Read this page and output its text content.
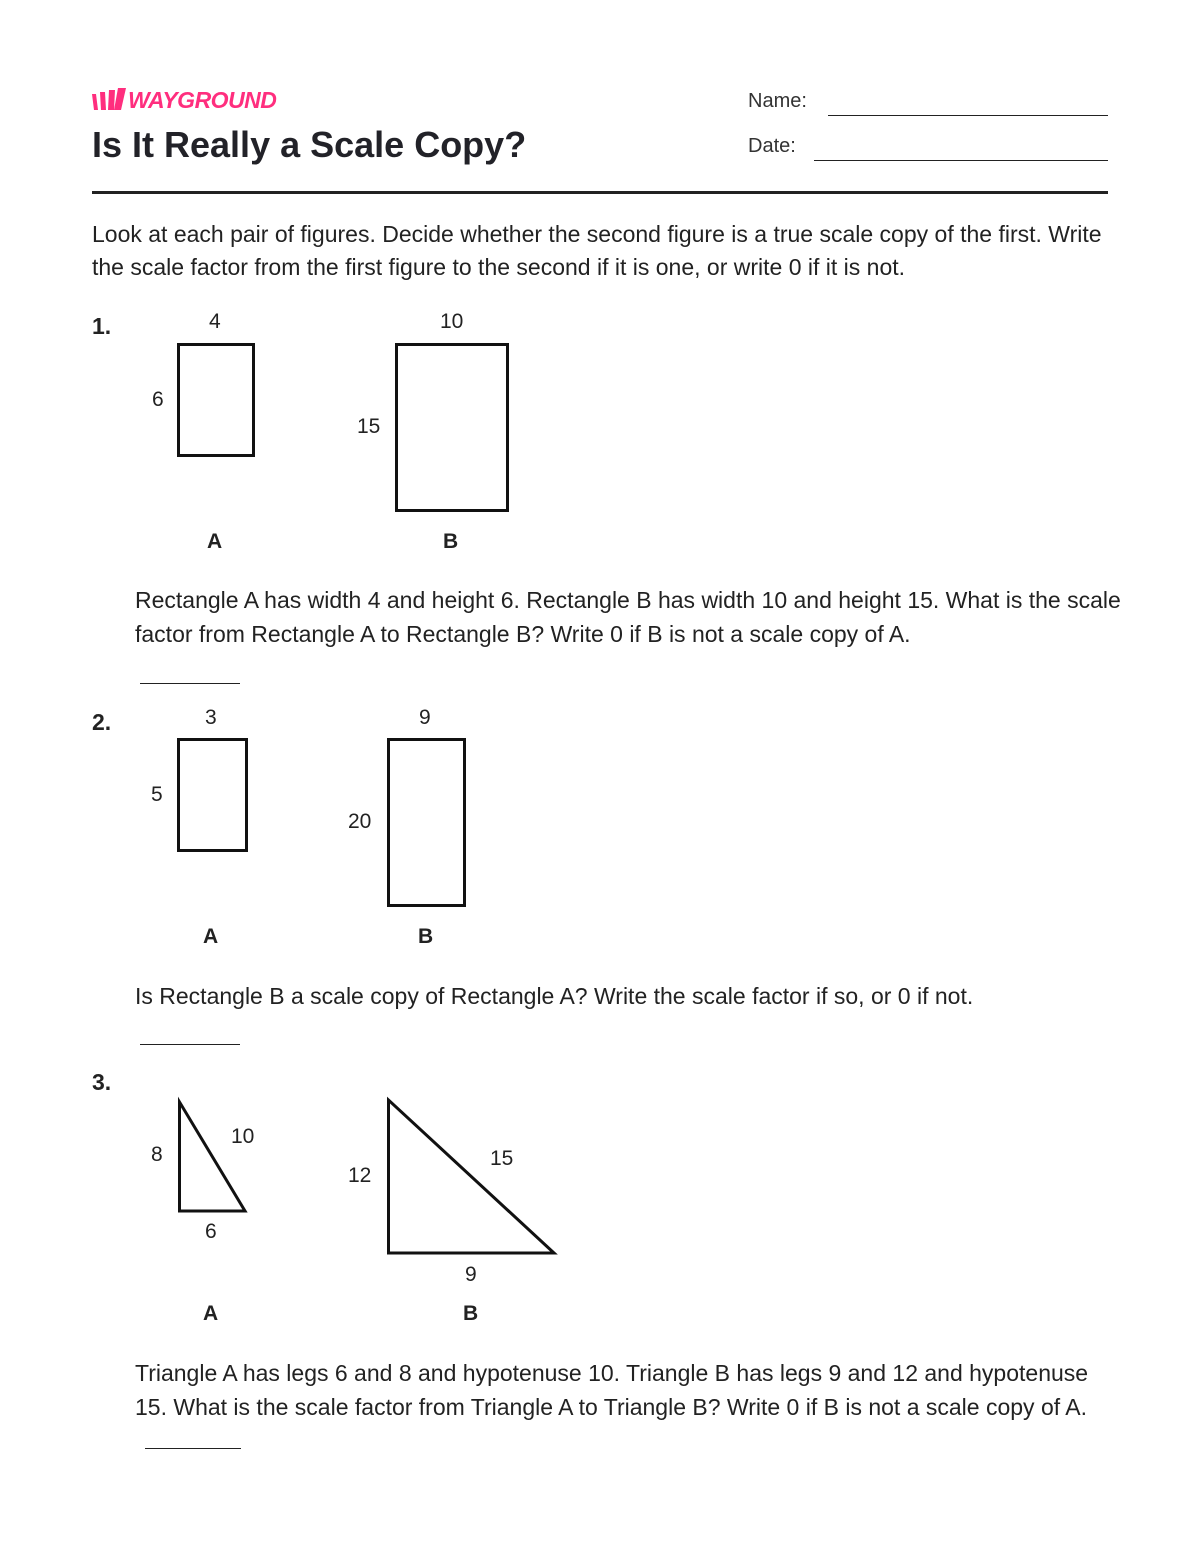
WAYGROUND
Is It Really a Scale Copy?
Name:
Date:

Look at each pair of figures. Decide whether the second figure is a true scale copy of the first. Write the scale factor from the first figure to the second if it is one, or write 0 if it is not.

1.	4
6
A
10
15
B

Rectangle A has width 4 and height 6. Rectangle B has width 10 and height 15. What is the scale factor from Rectangle A to Rectangle B? Write 0 if B is not a scale copy of A.

2.	3
5
A
9
20
B

Is Rectangle B a scale copy of Rectangle A? Write the scale factor if so, or 0 if not.

3.
8
10
6
A
12
15
9
B

Triangle A has legs 6 and 8 and hypotenuse 10. Triangle B has legs 9 and 12 and hypotenuse 15. What is the scale factor from Triangle A to Triangle B? Write 0 if B is not a scale copy of A.
